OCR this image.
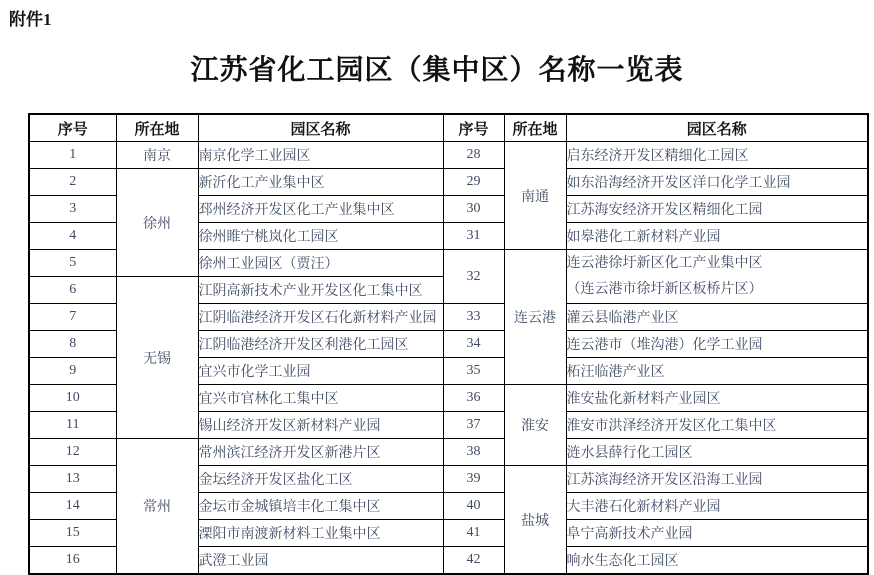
附件1
江苏省化工园区（集中区）名称一览表
序号	所在地	园区名称	序号	所在地	园区名称
1	南京	南京化学工业园区	28	南通	启东经济开发区精细化工园区
2	徐州	新沂化工产业集中区	29		如东沿海经济开发区洋口化学工业园
3		邳州经济开发区化工产业集中区	30		江苏海安经济开发区精细化工园
4		徐州睢宁桃岚化工园区	31		如皋港化工新材料产业园
5		徐州工业园区（贾汪）	32	连云港	连云港徐圩新区化工产业集中区
（连云港市徐圩新区板桥片区）

6	无锡	江阴高新技术产业开发区化工集中区			
7		江阴临港经济开发区石化新材料产业园	33		灌云县临港产业区
8		江阴临港经济开发区利港化工园区	34		连云港市（堆沟港）化学工业园
9		宜兴市化学工业园	35		柘汪临港产业区
10		宜兴市官林化工集中区	36	淮安	淮安盐化新材料产业园区
11		锡山经济开发区新材料产业园	37		淮安市洪泽经济开发区化工集中区
12	常州	常州滨江经济开发区新港片区	38		涟水县薛行化工园区
13		金坛经济开发区盐化工区	39	盐城	江苏滨海经济开发区沿海工业园
14		金坛市金城镇培丰化工集中区	40		大丰港石化新材料产业园
15		溧阳市南渡新材料工业集中区	41		阜宁高新技术产业园
16		武澄工业园	42		响水生态化工园区
